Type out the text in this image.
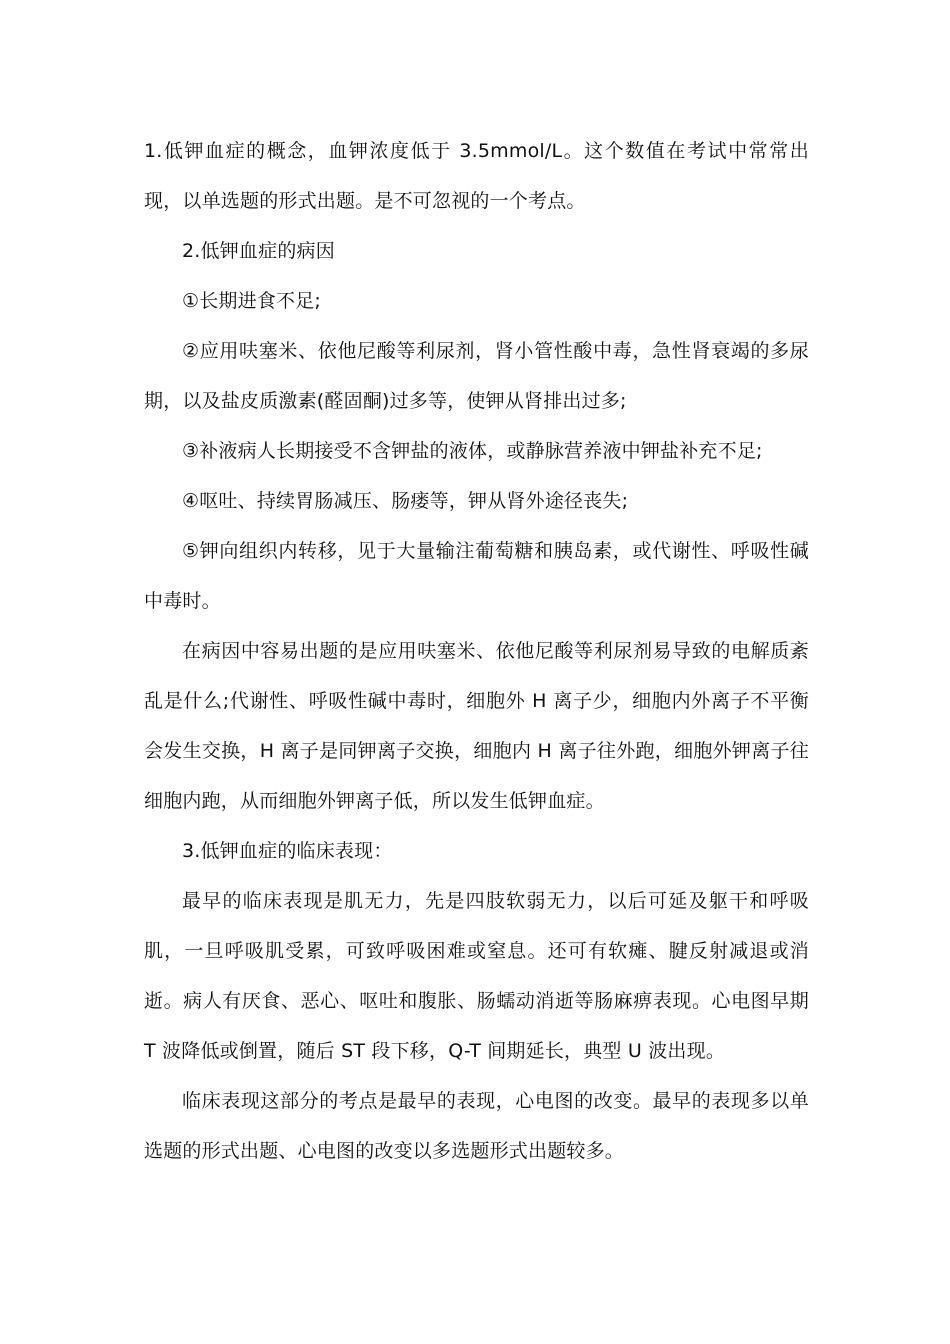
1.低钾血症的概念，血钾浓度低于 3.5mmol/L。这个数值在考试中常常出现，以单选题的形式出题。是不可忽视的一个考点。

2.低钾血症的病因

①长期进食不足;

②应用呋塞米、依他尼酸等利尿剂，肾小管性酸中毒，急性肾衰竭的多尿期，以及盐皮质激素(醛固酮)过多等，使钾从肾排出过多;

③补液病人长期接受不含钾盐的液体，或静脉营养液中钾盐补充不足;

④呕吐、持续胃肠减压、肠瘘等，钾从肾外途径丧失;

⑤钾向组织内转移，见于大量输注葡萄糖和胰岛素，或代谢性、呼吸性碱中毒时。

在病因中容易出题的是应用呋塞米、依他尼酸等利尿剂易导致的电解质紊乱是什么;代谢性、呼吸性碱中毒时，细胞外 H 离子少，细胞内外离子不平衡会发生交换，H 离子是同钾离子交换，细胞内 H 离子往外跑，细胞外钾离子往细胞内跑，从而细胞外钾离子低，所以发生低钾血症。

3.低钾血症的临床表现：

最早的临床表现是肌无力，先是四肢软弱无力，以后可延及躯干和呼吸肌，一旦呼吸肌受累，可致呼吸困难或窒息。还可有软瘫、腱反射减退或消逝。病人有厌食、恶心、呕吐和腹胀、肠蠕动消逝等肠麻痹表现。心电图早期 T 波降低或倒置，随后 ST 段下移，Q-T 间期延长，典型 U 波出现。

临床表现这部分的考点是最早的表现，心电图的改变。最早的表现多以单选题的形式出题、心电图的改变以多选题形式出题较多。
